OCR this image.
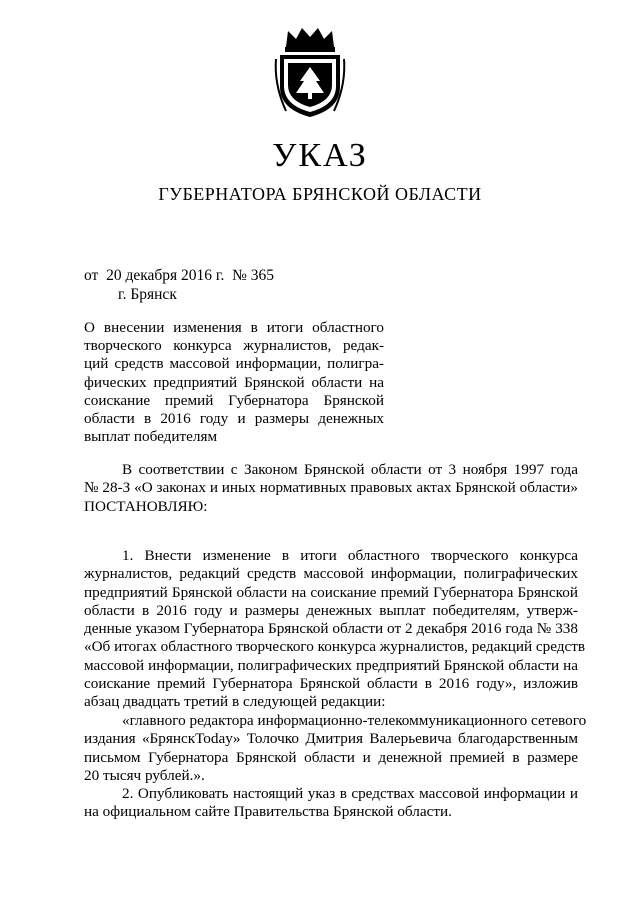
УКАЗ
ГУБЕРНАТОРА БРЯНСКОЙ ОБЛАСТИ
от  20 декабря 2016 г.  № 365
г. Брянск
О внесении изменения в итоги областного
творческого конкурса журналистов, редак-
ций средств массовой информации, полигра-
фических предприятий Брянской области на
соискание премий Губернатора Брянской
области в 2016 году и размеры денежных
выплат победителям
В соответствии с Законом Брянской области от 3 ноября 1997 года
№ 28-З «О законах и иных нормативных правовых актах Брянской области»
ПОСТАНОВЛЯЮ:
1. Внести изменение в итоги областного творческого конкурса
журналистов, редакций средств массовой информации, полиграфических
предприятий Брянской области на соискание премий Губернатора Брянской
области в 2016 году и размеры денежных выплат победителям, утверж-
денные указом Губернатора Брянской области от 2 декабря 2016 года № 338
«Об итогах областного творческого конкурса журналистов, редакций средств
массовой информации, полиграфических предприятий Брянской области на
соискание премий Губернатора Брянской области в 2016 году», изложив
абзац двадцать третий в следующей редакции:
«главного редактора информационно-телекоммуникационного сетевого
издания «БрянскToday» Толочко Дмитрия Валерьевича благодарственным
письмом Губернатора Брянской области и денежной премией в размере
20 тысяч рублей.».
2. Опубликовать настоящий указ в средствах массовой информации и
на официальном сайте Правительства Брянской области.
